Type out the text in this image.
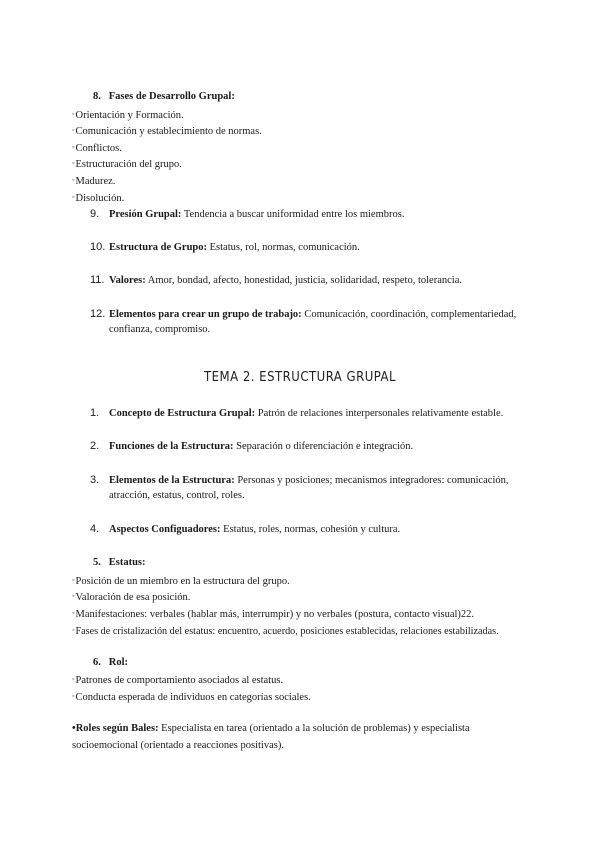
8. Fases de Desarrollo Grupal:
◦Orientación y Formación.
◦Comunicación y establecimiento de normas.
◦Conflictos.
◦Estructuración del grupo.
◦Madurez.
◦Disolución.
9. Presión Grupal: Tendencia a buscar uniformidad entre los miembros.
10. Estructura de Grupo: Estatus, rol, normas, comunicación.
11. Valores: Amor, bondad, afecto, honestidad, justicia, solidaridad, respeto, tolerancia.
12. Elementos para crear un grupo de trabajo: Comunicación, coordinación, complementariedad,
confianza, compromiso.
TEMA 2. ESTRUCTURA GRUPAL
1. Concepto de Estructura Grupal: Patrón de relaciones interpersonales relativamente estable.
2. Funciones de la Estructura: Separación o diferenciación e integración.
3. Elementos de la Estructura: Personas y posiciones; mecanismos integradores: comunicación,
atracción, estatus, control, roles.
4. Aspectos Configuadores: Estatus, roles, normas, cohesión y cultura.
5. Estatus:
◦Posición de un miembro en la estructura del grupo.
◦Valoración de esa posición.
◦Manifestaciones: verbales (hablar más, interrumpir) y no verbales (postura, contacto visual)22.
◦Fases de cristalización del estatus: encuentro, acuerdo, posiciones establecidas, relaciones estabilizadas.
6. Rol:
◦Patrones de comportamiento asociados al estatus.
◦Conducta esperada de individuos en categorías sociales.
•Roles según Bales: Especialista en tarea (orientado a la solución de problemas) y especialista
socioemocional (orientado a reacciones positivas).
